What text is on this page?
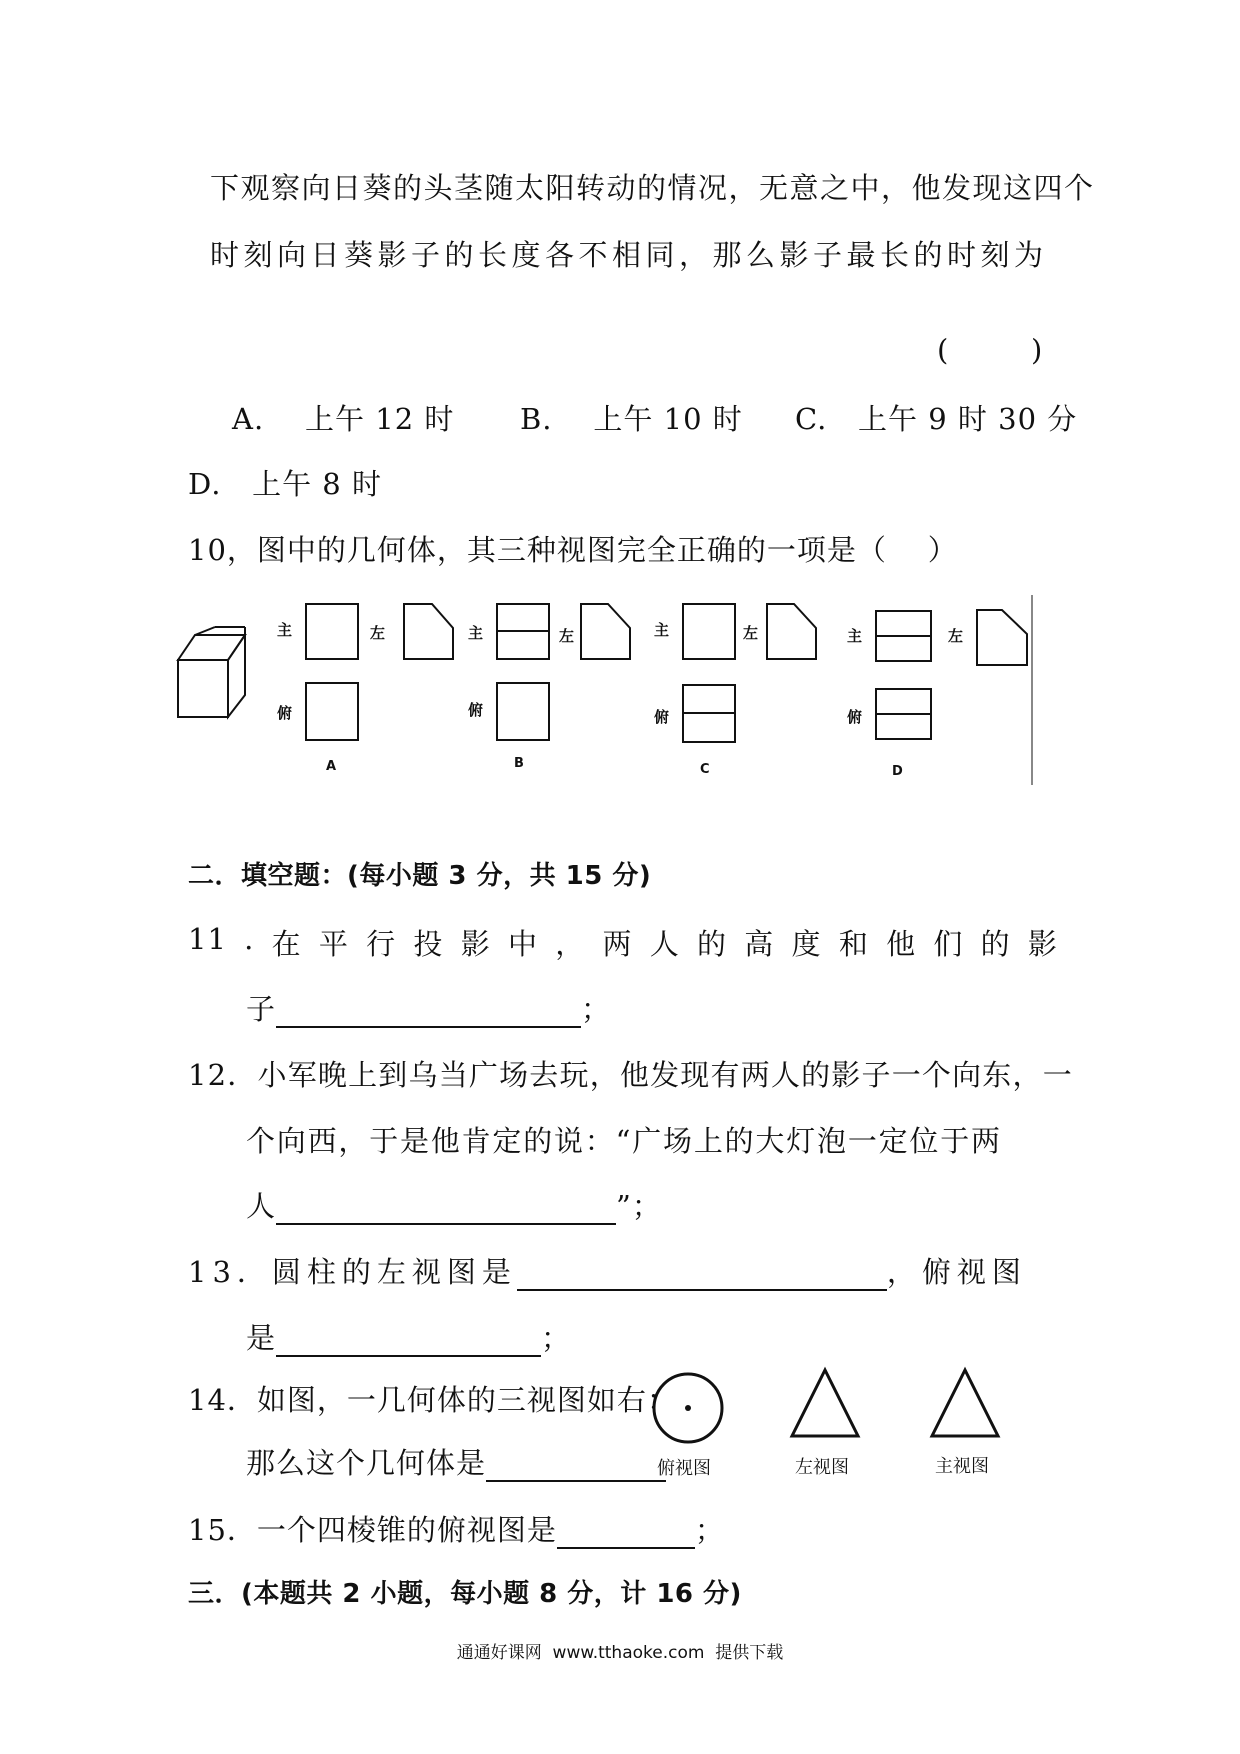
下观察向日葵的头茎随太阳转动的情况，无意之中，他发现这四个
时刻向日葵影子的长度各不相同，那么影子最长的时刻为
(        )
A.    上午 12 时 B.    上午 10 时 C.   上午 9 时 30 分
D.   上午 8 时
10，图中的几何体，其三种视图完全正确的一项是（    ）
主	左
俯
主	左
俯
主	左
俯
主	左
俯
A	B	C	D
二．填空题：(每小题 3 分，共 15 分)
11 . 在 平 行 投 影 中 ， 两 人 的 高 度 和 他 们 的 影
子	；
12．小军晚上到乌当广场去玩，他发现有两人的影子一个向东，一
个向西，于是他肯定的说：“广场上的大灯泡一定位于两
人	”；
13．圆柱的左视图是	，俯视图
是	；
14．如图，一几何体的三视图如右：
那么这个几何体是	俯视图	左视图	主视图
15．一个四棱锥的俯视图是	；
三．(本题共 2 小题，每小题 8 分，计 16 分)
通通好课网  www.tthaoke.com  提供下载
